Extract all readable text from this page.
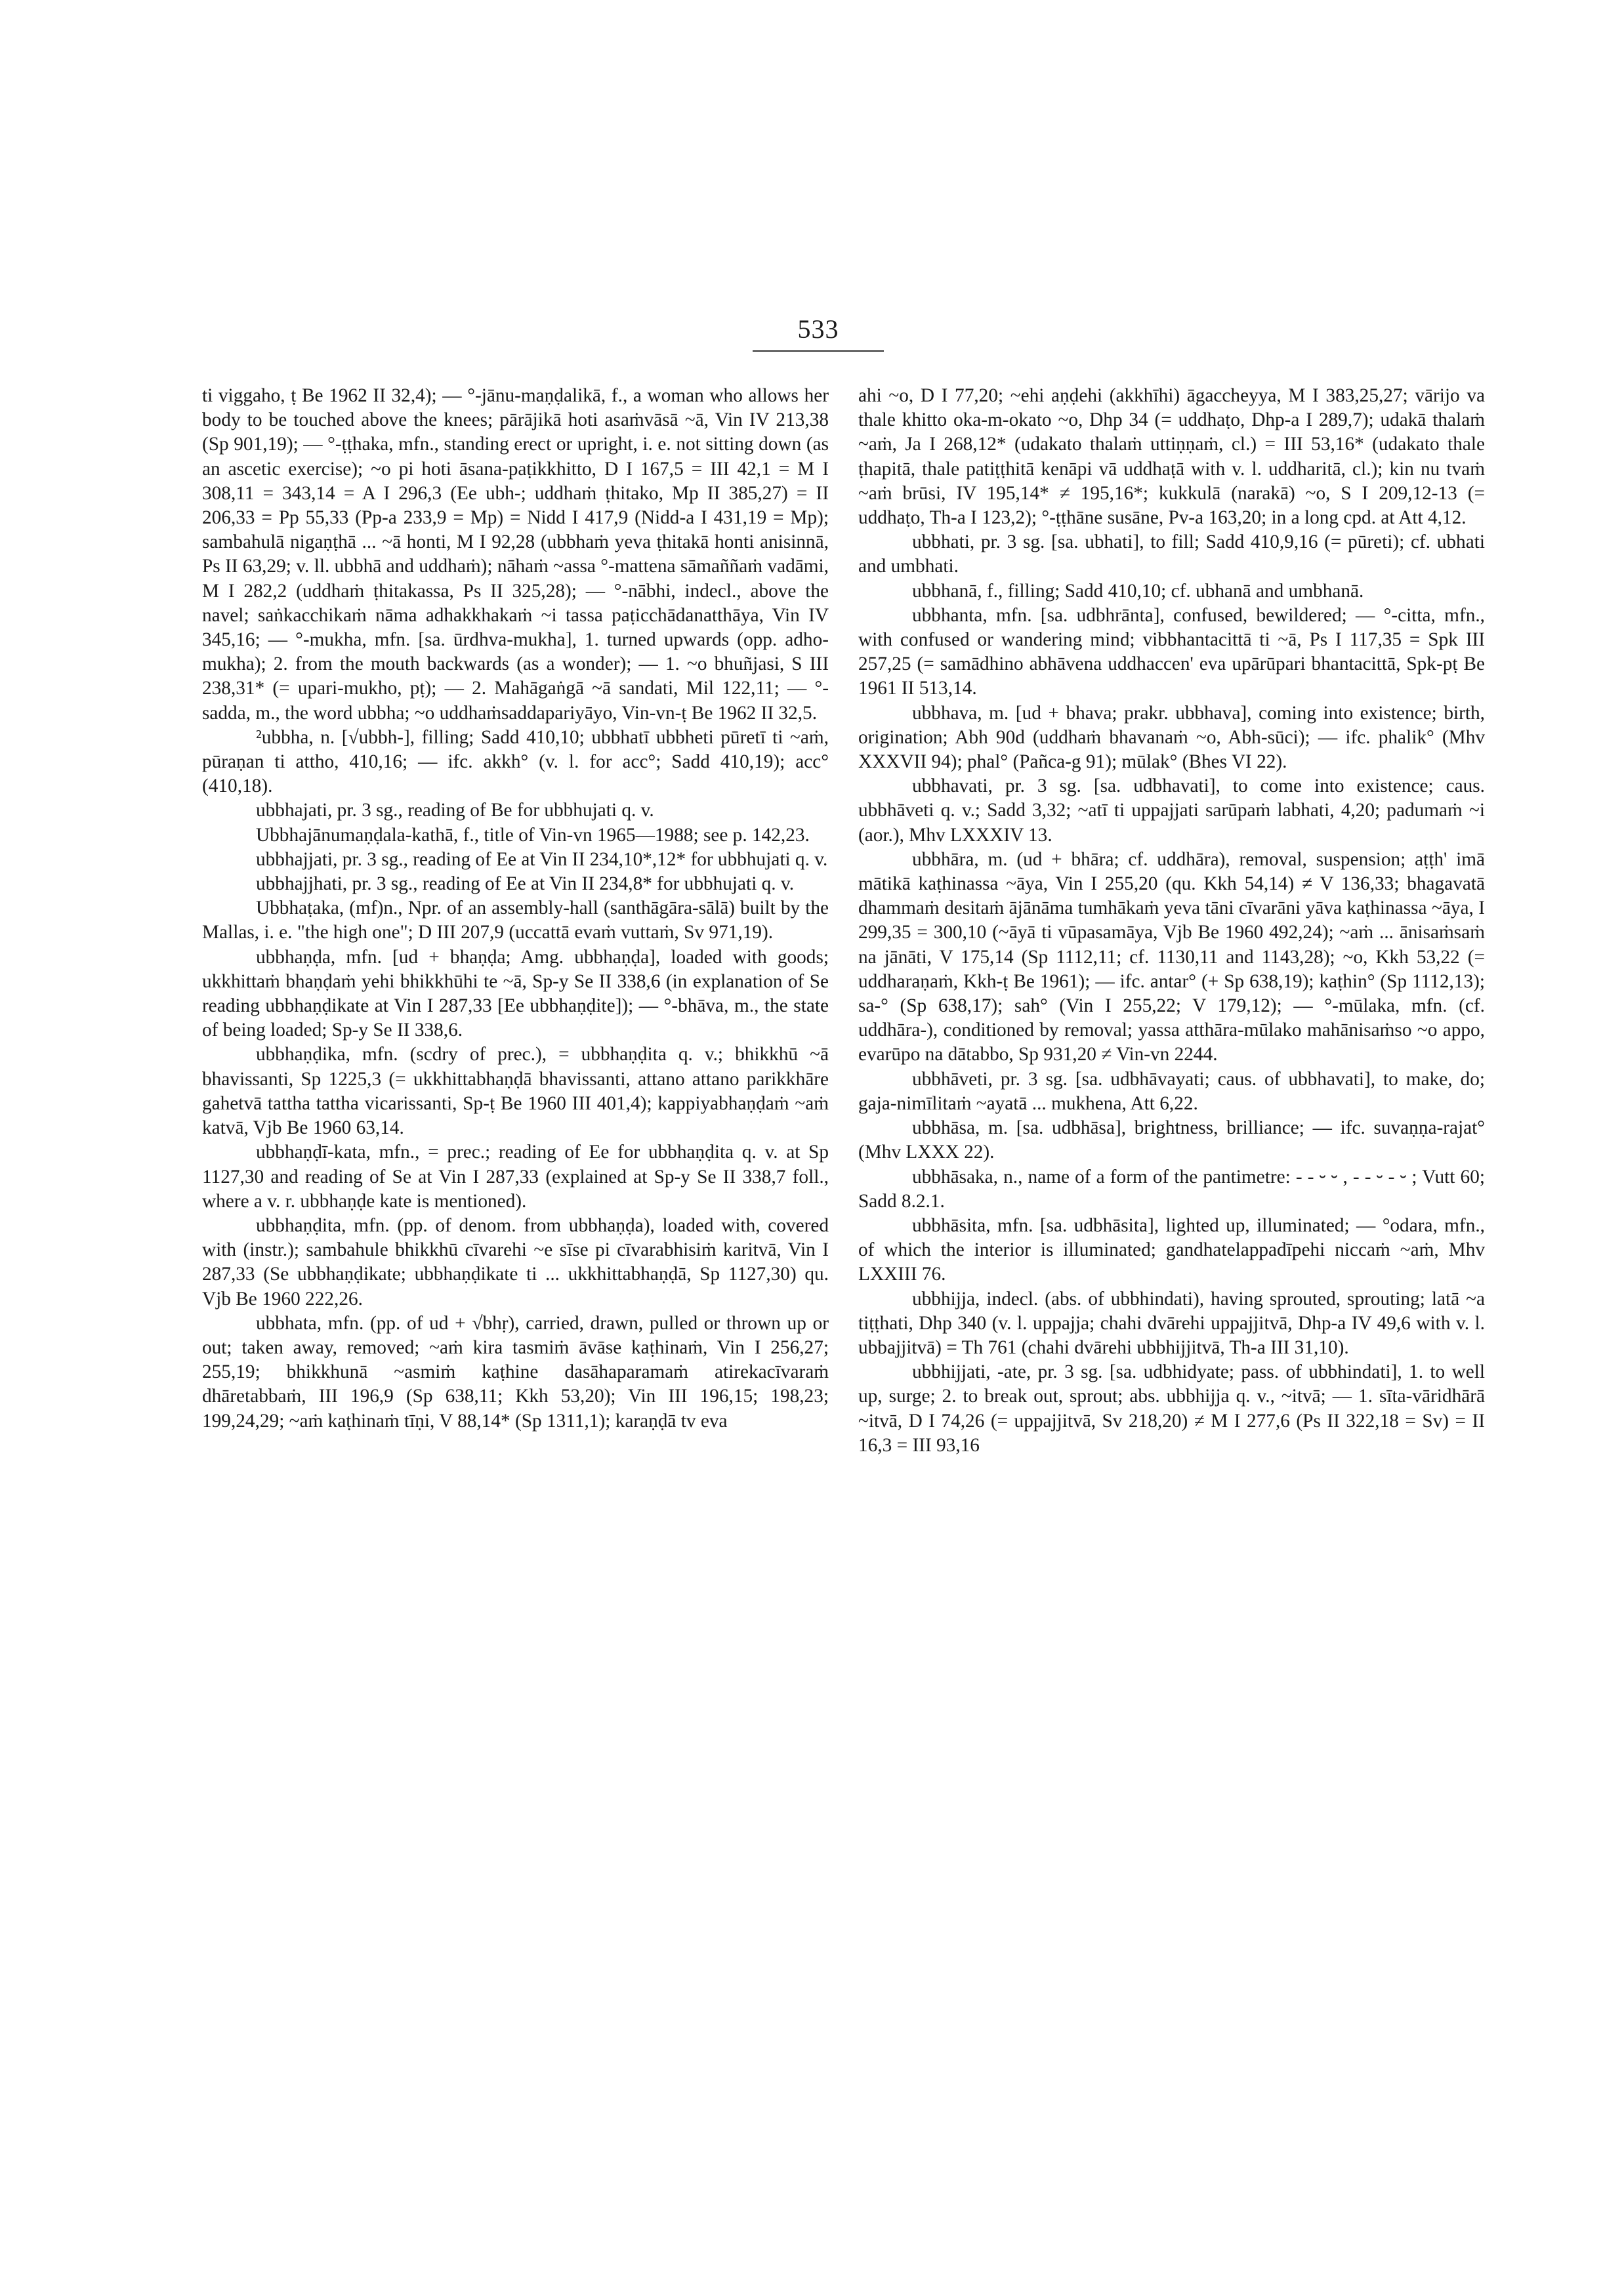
533

ti viggaho, ṭ Be 1962 II 32,4); — °-jānu-maṇḍalikā, f., a woman who allows her body to be touched above the knees; pārājikā hoti asaṁvāsā ~ā, Vin IV 213,38 (Sp 901,19); — °-ṭṭhaka, mfn., standing erect or upright, i. e. not sitting down (as an ascetic exercise); ~o pi hoti āsana-paṭikkhitto, D I 167,5 = III 42,1 = M I 308,11 = 343,14 = A I 296,3 (Ee ubh-; uddhaṁ ṭhitako, Mp II 385,27) = II 206,33 = Pp 55,33 (Pp-a 233,9 = Mp) = Nidd I 417,9 (Nidd-a I 431,19 = Mp); sambahulā nigaṇṭhā ... ~ā honti, M I 92,28 (ubbhaṁ yeva ṭhitakā honti anisinnā, Ps II 63,29; v. ll. ubbhā and uddhaṁ); nāhaṁ ~assa °-mattena sāmaññaṁ vadāmi, M I 282,2 (uddhaṁ ṭhitakassa, Ps II 325,28); — °-nābhi, indecl., above the navel; saṅkacchikaṁ nāma adhakkhakaṁ ~i tassa paṭicchādanatthāya, Vin IV 345,16; — °-mukha, mfn. [sa. ūrdhva-mukha], 1. turned upwards (opp. adho-mukha); 2. from the mouth backwards (as a wonder); — 1. ~o bhuñjasi, S III 238,31* (= upari-mukho, pṭ); — 2. Mahāgaṅgā ~ā sandati, Mil 122,11; — °-sadda, m., the word ubbha; ~o uddhaṁsaddapariyāyo, Vin-vn-ṭ Be 1962 II 32,5.

²ubbha, n. [√ubbh-], filling; Sadd 410,10; ubbhatī ubbheti pūretī ti ~aṁ, pūraṇan ti attho, 410,16; — ifc. akkh° (v. l. for acc°; Sadd 410,19); acc° (410,18).

ubbhajati, pr. 3 sg., reading of Be for ubbhujati q. v.

Ubbhajānumaṇḍala-kathā, f., title of Vin-vn 1965—1988; see p. 142,23.

ubbhajjati, pr. 3 sg., reading of Ee at Vin II 234,10*,12* for ubbhujati q. v.

ubbhajjhati, pr. 3 sg., reading of Ee at Vin II 234,8* for ubbhujati q. v.

Ubbhaṭaka, (mf)n., Npr. of an assembly-hall (santhāgāra-sālā) built by the Mallas, i. e. "the high one"; D III 207,9 (uccattā evaṁ vuttaṁ, Sv 971,19).

ubbhaṇḍa, mfn. [ud + bhaṇḍa; Amg. ubbhaṇḍa], loaded with goods; ukkhittaṁ bhaṇḍaṁ yehi bhikkhūhi te ~ā, Sp-y Se II 338,6 (in explanation of Se reading ubbhaṇḍikate at Vin I 287,33 [Ee ubbhaṇḍite]); — °-bhāva, m., the state of being loaded; Sp-y Se II 338,6.

ubbhaṇḍika, mfn. (scdry of prec.), = ubbhaṇḍita q. v.; bhikkhū ~ā bhavissanti, Sp 1225,3 (= ukkhittabhaṇḍā bhavissanti, attano attano parikkhāre gahetvā tattha tattha vicarissanti, Sp-ṭ Be 1960 III 401,4); kappiyabhaṇḍaṁ ~aṁ katvā, Vjb Be 1960 63,14.

ubbhaṇḍī-kata, mfn., = prec.; reading of Ee for ubbhaṇḍita q. v. at Sp 1127,30 and reading of Se at Vin I 287,33 (explained at Sp-y Se II 338,7 foll., where a v. r. ubbhaṇḍe kate is mentioned).

ubbhaṇḍita, mfn. (pp. of denom. from ubbhaṇḍa), loaded with, covered with (instr.); sambahule bhikkhū cīvarehi ~e sīse pi cīvarabhisiṁ karitvā, Vin I 287,33 (Se ubbhaṇḍikate; ubbhaṇḍikate ti ... ukkhittabhaṇḍā, Sp 1127,30) qu. Vjb Be 1960 222,26.

ubbhata, mfn. (pp. of ud + √bhṛ), carried, drawn, pulled or thrown up or out; taken away, removed; ~aṁ kira tasmiṁ āvāse kaṭhinaṁ, Vin I 256,27; 255,19; bhikkhunā ~asmiṁ kaṭhine dasāhaparamaṁ atirekacīvaraṁ dhāretabbaṁ, III 196,9 (Sp 638,11; Kkh 53,20); Vin III 196,15; 198,23; 199,24,29; ~aṁ kaṭhinaṁ tīṇi, V 88,14* (Sp 1311,1); karaṇḍā tv eva

ahi ~o, D I 77,20; ~ehi aṇḍehi (akkhīhi) āgaccheyya, M I 383,25,27; vārijo va thale khitto oka-m-okato ~o, Dhp 34 (= uddhaṭo, Dhp-a I 289,7); udakā thalaṁ ~aṁ, Ja I 268,12* (udakato thalaṁ uttiṇṇaṁ, cl.) = III 53,16* (udakato thale ṭhapitā, thale patiṭṭhitā kenāpi vā uddhaṭā with v. l. uddharitā, cl.); kin nu tvaṁ ~aṁ brūsi, IV 195,14* ≠ 195,16*; kukkulā (narakā) ~o, S I 209,12-13 (= uddhaṭo, Th-a I 123,2); °-ṭṭhāne susāne, Pv-a 163,20; in a long cpd. at Att 4,12.

ubbhati, pr. 3 sg. [sa. ubhati], to fill; Sadd 410,9,16 (= pūreti); cf. ubhati and umbhati.

ubbhanā, f., filling; Sadd 410,10; cf. ubhanā and umbhanā.

ubbhanta, mfn. [sa. udbhrānta], confused, bewildered; — °-citta, mfn., with confused or wandering mind; vibbhantacittā ti ~ā, Ps I 117,35 = Spk III 257,25 (= samādhino abhāvena uddhaccen' eva upārūpari bhantacittā, Spk-pṭ Be 1961 II 513,14.

ubbhava, m. [ud + bhava; prakr. ubbhava], coming into existence; birth, origination; Abh 90d (uddhaṁ bhavanaṁ ~o, Abh-sūci); — ifc. phalik° (Mhv XXXVII 94); phal° (Pañca-g 91); mūlak° (Bhes VI 22).

ubbhavati, pr. 3 sg. [sa. udbhavati], to come into existence; caus. ubbhāveti q. v.; Sadd 3,32; ~atī ti uppajjati sarūpaṁ labhati, 4,20; padumaṁ ~i (aor.), Mhv LXXXIV 13.

ubbhāra, m. (ud + bhāra; cf. uddhāra), removal, suspension; aṭṭh' imā mātikā kaṭhinassa ~āya, Vin I 255,20 (qu. Kkh 54,14) ≠ V 136,33; bhagavatā dhammaṁ desitaṁ ājānāma tumhākaṁ yeva tāni cīvarāni yāva kaṭhinassa ~āya, I 299,35 = 300,10 (~āyā ti vūpasamāya, Vjb Be 1960 492,24); ~aṁ ... ānisaṁsaṁ na jānāti, V 175,14 (Sp 1112,11; cf. 1130,11 and 1143,28); ~o, Kkh 53,22 (= uddharaṇaṁ, Kkh-ṭ Be 1961); — ifc. antar° (+ Sp 638,19); kaṭhin° (Sp 1112,13); sa-° (Sp 638,17); sah° (Vin I 255,22; V 179,12); — °-mūlaka, mfn. (cf. uddhāra-), conditioned by removal; yassa atthāra-mūlako mahānisaṁso ~o appo, evarūpo na dātabbo, Sp 931,20 ≠ Vin-vn 2244.

ubbhāveti, pr. 3 sg. [sa. udbhāvayati; caus. of ubbhavati], to make, do; gaja-nimīlitaṁ ~ayatā ... mukhena, Att 6,22.

ubbhāsa, m. [sa. udbhāsa], brightness, brilliance; — ifc. suvaṇṇa-rajat° (Mhv LXXX 22).

ubbhāsaka, n., name of a form of the pantimetre: - - ⏑ ⏑ , - - ⏑ - ⏑ ; Vutt 60; Sadd 8.2.1.

ubbhāsita, mfn. [sa. udbhāsita], lighted up, illuminated; — °odara, mfn., of which the interior is illuminated; gandhatelappadīpehi niccaṁ ~aṁ, Mhv LXXIII 76.

ubbhijja, indecl. (abs. of ubbhindati), having sprouted, sprouting; latā ~a tiṭṭhati, Dhp 340 (v. l. uppajja; chahi dvārehi uppajjitvā, Dhp-a IV 49,6 with v. l. ubbajjitvā) = Th 761 (chahi dvārehi ubbhijjitvā, Th-a III 31,10).

ubbhijjati, -ate, pr. 3 sg. [sa. udbhidyate; pass. of ubbhindati], 1. to well up, surge; 2. to break out, sprout; abs. ubbhijja q. v., ~itvā; — 1. sīta-vāridhārā ~itvā, D I 74,26 (= uppajjitvā, Sv 218,20) ≠ M I 277,6 (Ps II 322,18 = Sv) = II 16,3 = III 93,16
